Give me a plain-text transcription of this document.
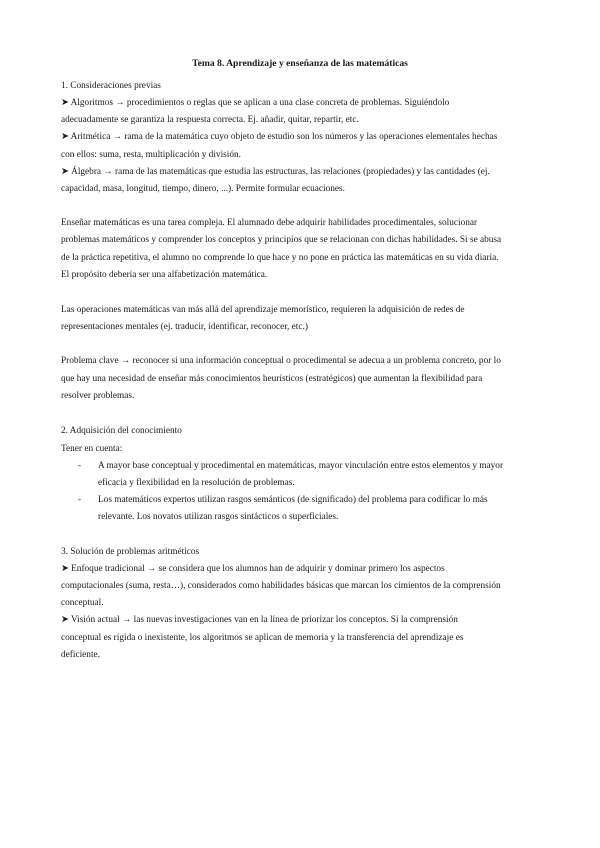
Tema 8. Aprendizaje y enseñanza de las matemáticas
1. Consideraciones previas
➤ Algoritmos → procedimientos o reglas que se aplican a una clase concreta de problemas. Siguiéndolo
adecuadamente se garantiza la respuesta correcta. Ej. añadir, quitar, repartir, etc.
➤ Aritmética → rama de la matemática cuyo objeto de estudio son los números y las operaciones elementales hechas
con ellos: suma, resta, multiplicación y división.
➤ Álgebra → rama de las matemáticas que estudia las estructuras, las relaciones (propiedades) y las cantidades (ej.
capacidad, masa, longitud, tiempo, dinero, ...). Permite formular ecuaciones.
Enseñar matemáticas es una tarea compleja. El alumnado debe adquirir habilidades procedimentales, solucionar
problemas matemáticos y comprender los conceptos y principios que se relacionan con dichas habilidades. Si se abusa
de la práctica repetitiva, el alumno no comprende lo que hace y no pone en práctica las matemáticas en su vida diaria.
El propósito debería ser una alfabetización matemática.
Las operaciones matemáticas van más allá del aprendizaje memorístico, requieren la adquisición de redes de
representaciones mentales (ej. traducir, identificar, reconocer, etc.)
Problema clave → reconocer si una información conceptual o procedimental se adecua a un problema concreto, por lo
que hay una necesidad de enseñar más conocimientos heurísticos (estratégicos) que aumentan la flexibilidad para
resolver problemas.
2. Adquisición del conocimiento
Tener en cuenta:
- A mayor base conceptual y procedimental en matemáticas, mayor vinculación entre estos elementos y mayor
eficacia y flexibilidad en la resolución de problemas.
- Los matemáticos expertos utilizan rasgos semánticos (de significado) del problema para codificar lo más
relevante. Los novatos utilizan rasgos sintácticos o superficiales.
3. Solución de problemas aritméticos
➤ Enfoque tradicional → se considera que los alumnos han de adquirir y dominar primero los aspectos
computacionales (suma, resta…), considerados como habilidades básicas que marcan los cimientos de la comprensión
conceptual.
➤ Visión actual → las nuevas investigaciones van en la línea de priorizar los conceptos. Si la comprensión
conceptual es rígida o inexistente, los algoritmos se aplican de memoria y la transferencia del aprendizaje es
deficiente.
